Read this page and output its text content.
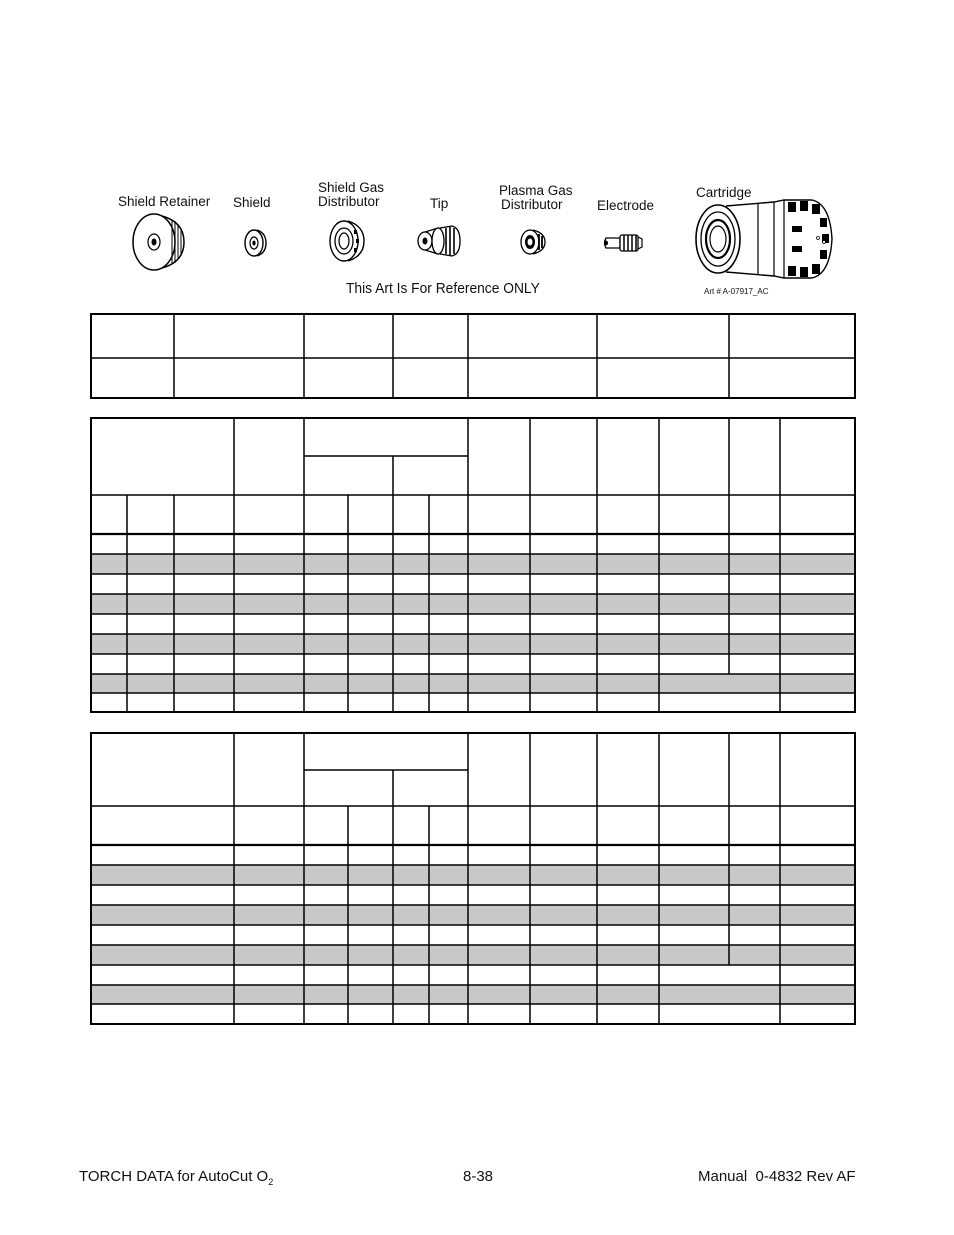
Shield Retainer Shield
Shield Gas
Distributor	Tip
Plasma Gas
Distributor	Electrode
Cartridge
This Art Is For Reference ONLY	Art # A-07917_AC
TORCH DATA for AutoCut $O_2$	8-38	Manual  0-4832 Rev AF
